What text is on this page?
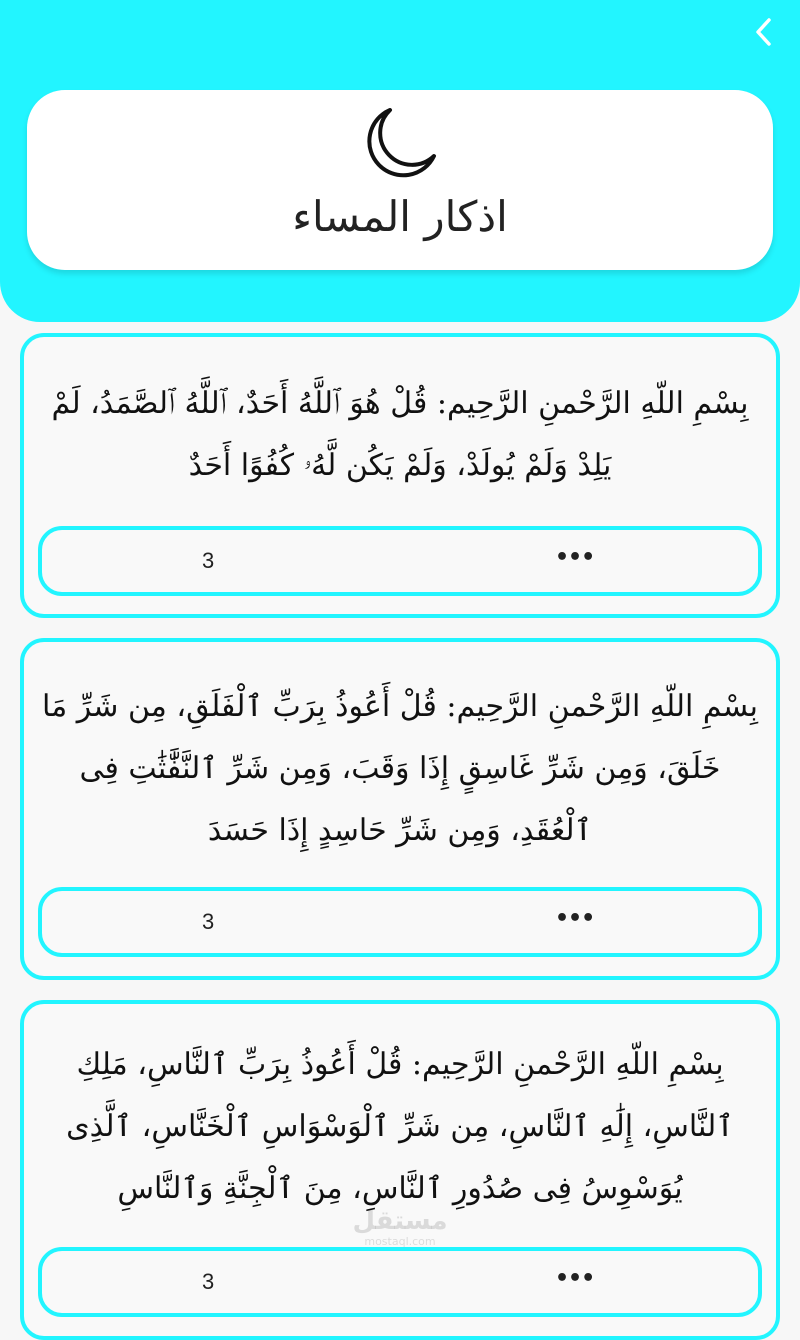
اذكار المساء
بِسْمِ اللّهِ الرَّحْمنِ الرَّحِيم: قُلْ هُوَ ٱللَّهُ أَحَدٌ، ٱللَّهُ ٱلصَّمَدُ، لَمْ يَلِدْ وَلَمْ يُولَدْ، وَلَمْ يَكُن لَّهُۥ كُفُوًا أَحَدٌ
3	•••
بِسْمِ اللّهِ الرَّحْمنِ الرَّحِيم: قُلْ أَعُوذُ بِرَبِّ ٱلْفَلَقِ، مِن شَرِّ مَا خَلَقَ، وَمِن شَرِّ غَاسِقٍ إِذَا وَقَبَ، وَمِن شَرِّ ٱلنَّفَّٰثَٰتِ فِى ٱلْعُقَدِ، وَمِن شَرِّ حَاسِدٍ إِذَا حَسَدَ
3	•••
بِسْمِ اللّهِ الرَّحْمنِ الرَّحِيم: قُلْ أَعُوذُ بِرَبِّ ٱلنَّاسِ، مَلِكِ ٱلنَّاسِ، إِلَٰهِ ٱلنَّاسِ، مِن شَرِّ ٱلْوَسْوَاسِ ٱلْخَنَّاسِ، ٱلَّذِى يُوَسْوِسُ فِى صُدُورِ ٱلنَّاسِ، مِنَ ٱلْجِنَّةِ وَٱلنَّاسِ
3	•••
مستقل
mostaql.com
